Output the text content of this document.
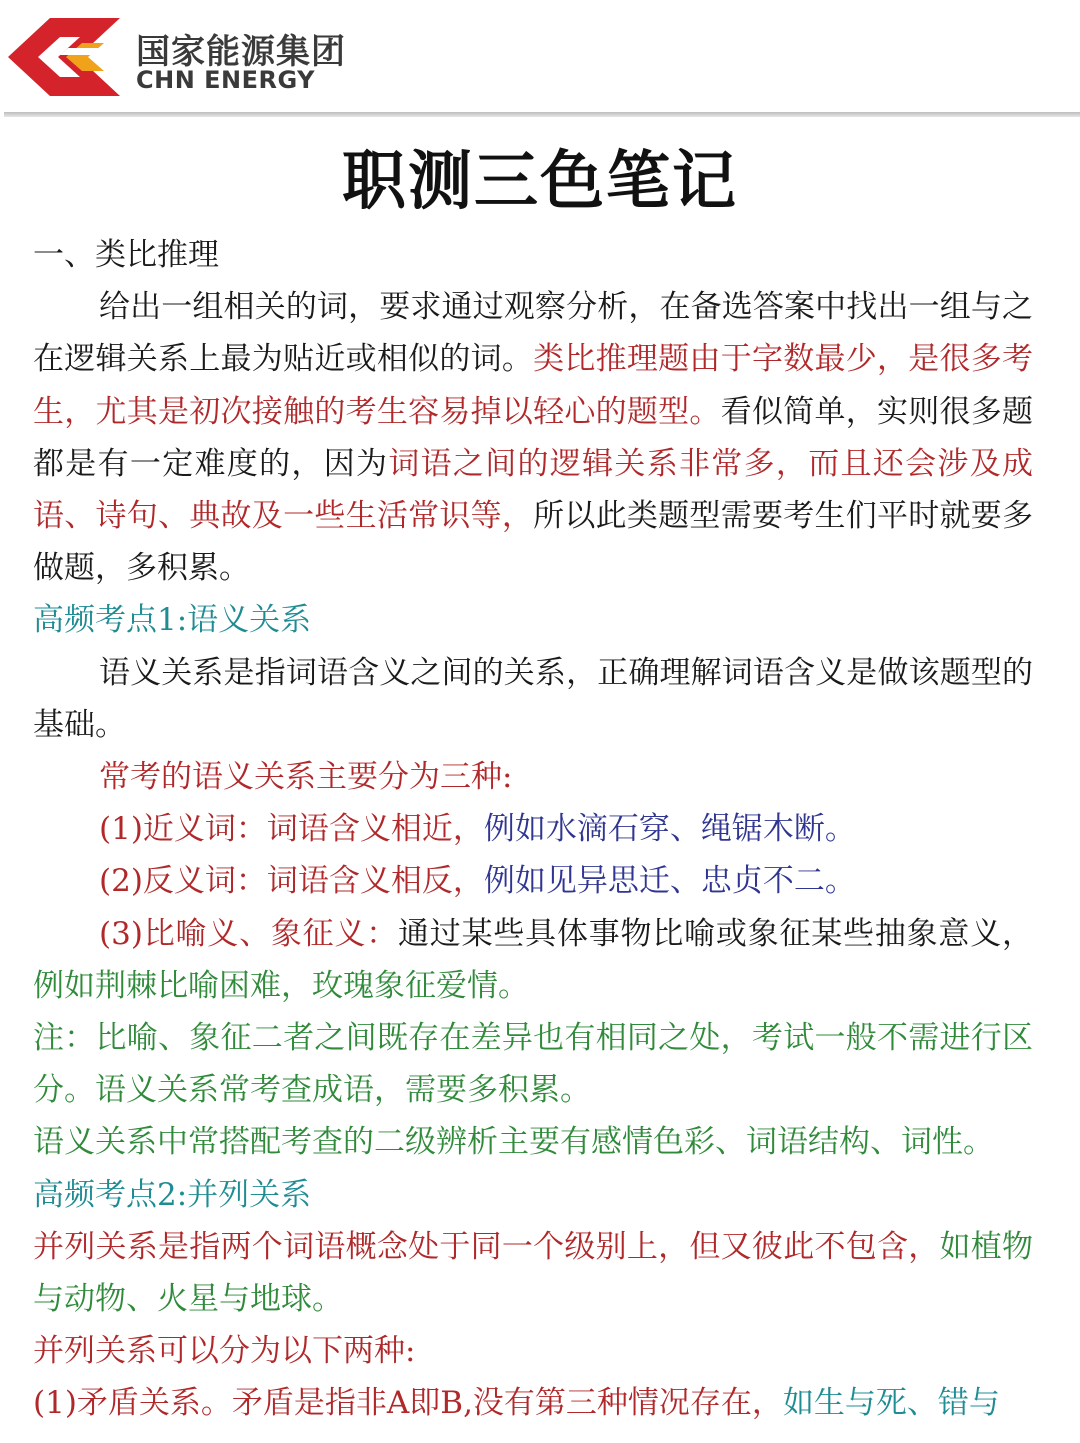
国家能源集团
CHN ENERGY
职测三色笔记

一、类比推理

给出一组相关的词，要求通过观察分析，在备选答案中找出一组与之在逻辑关系上最为贴近或相似的词。类比推理题由于字数最少，是很多考生，尤其是初次接触的考生容易掉以轻心的题型。看似简单，实则很多题都是有一定难度的，因为词语之间的逻辑关系非常多，而且还会涉及成语、诗句、典故及一些生活常识等，所以此类题型需要考生们平时就要多做题，多积累。

高频考点1:语义关系

语义关系是指词语含义之间的关系，正确理解词语含义是做该题型的基础。

常考的语义关系主要分为三种:

(1)近义词：词语含义相近，例如水滴石穿、绳锯木断。

(2)反义词：词语含义相反，例如见异思迁、忠贞不二。

(3)比喻义、象征义：通过某些具体事物比喻或象征某些抽象意义，例如荆棘比喻困难，玫瑰象征爱情。

注：比喻、象征二者之间既存在差异也有相同之处，考试一般不需进行区分。语义关系常考查成语，需要多积累。

语义关系中常搭配考查的二级辨析主要有感情色彩、词语结构、词性。

高频考点2:并列关系

并列关系是指两个词语概念处于同一个级别上，但又彼此不包含，如植物与动物、火星与地球。

并列关系可以分为以下两种:

(1)矛盾关系。矛盾是指非A即B,没有第三种情况存在，如生与死、错与
